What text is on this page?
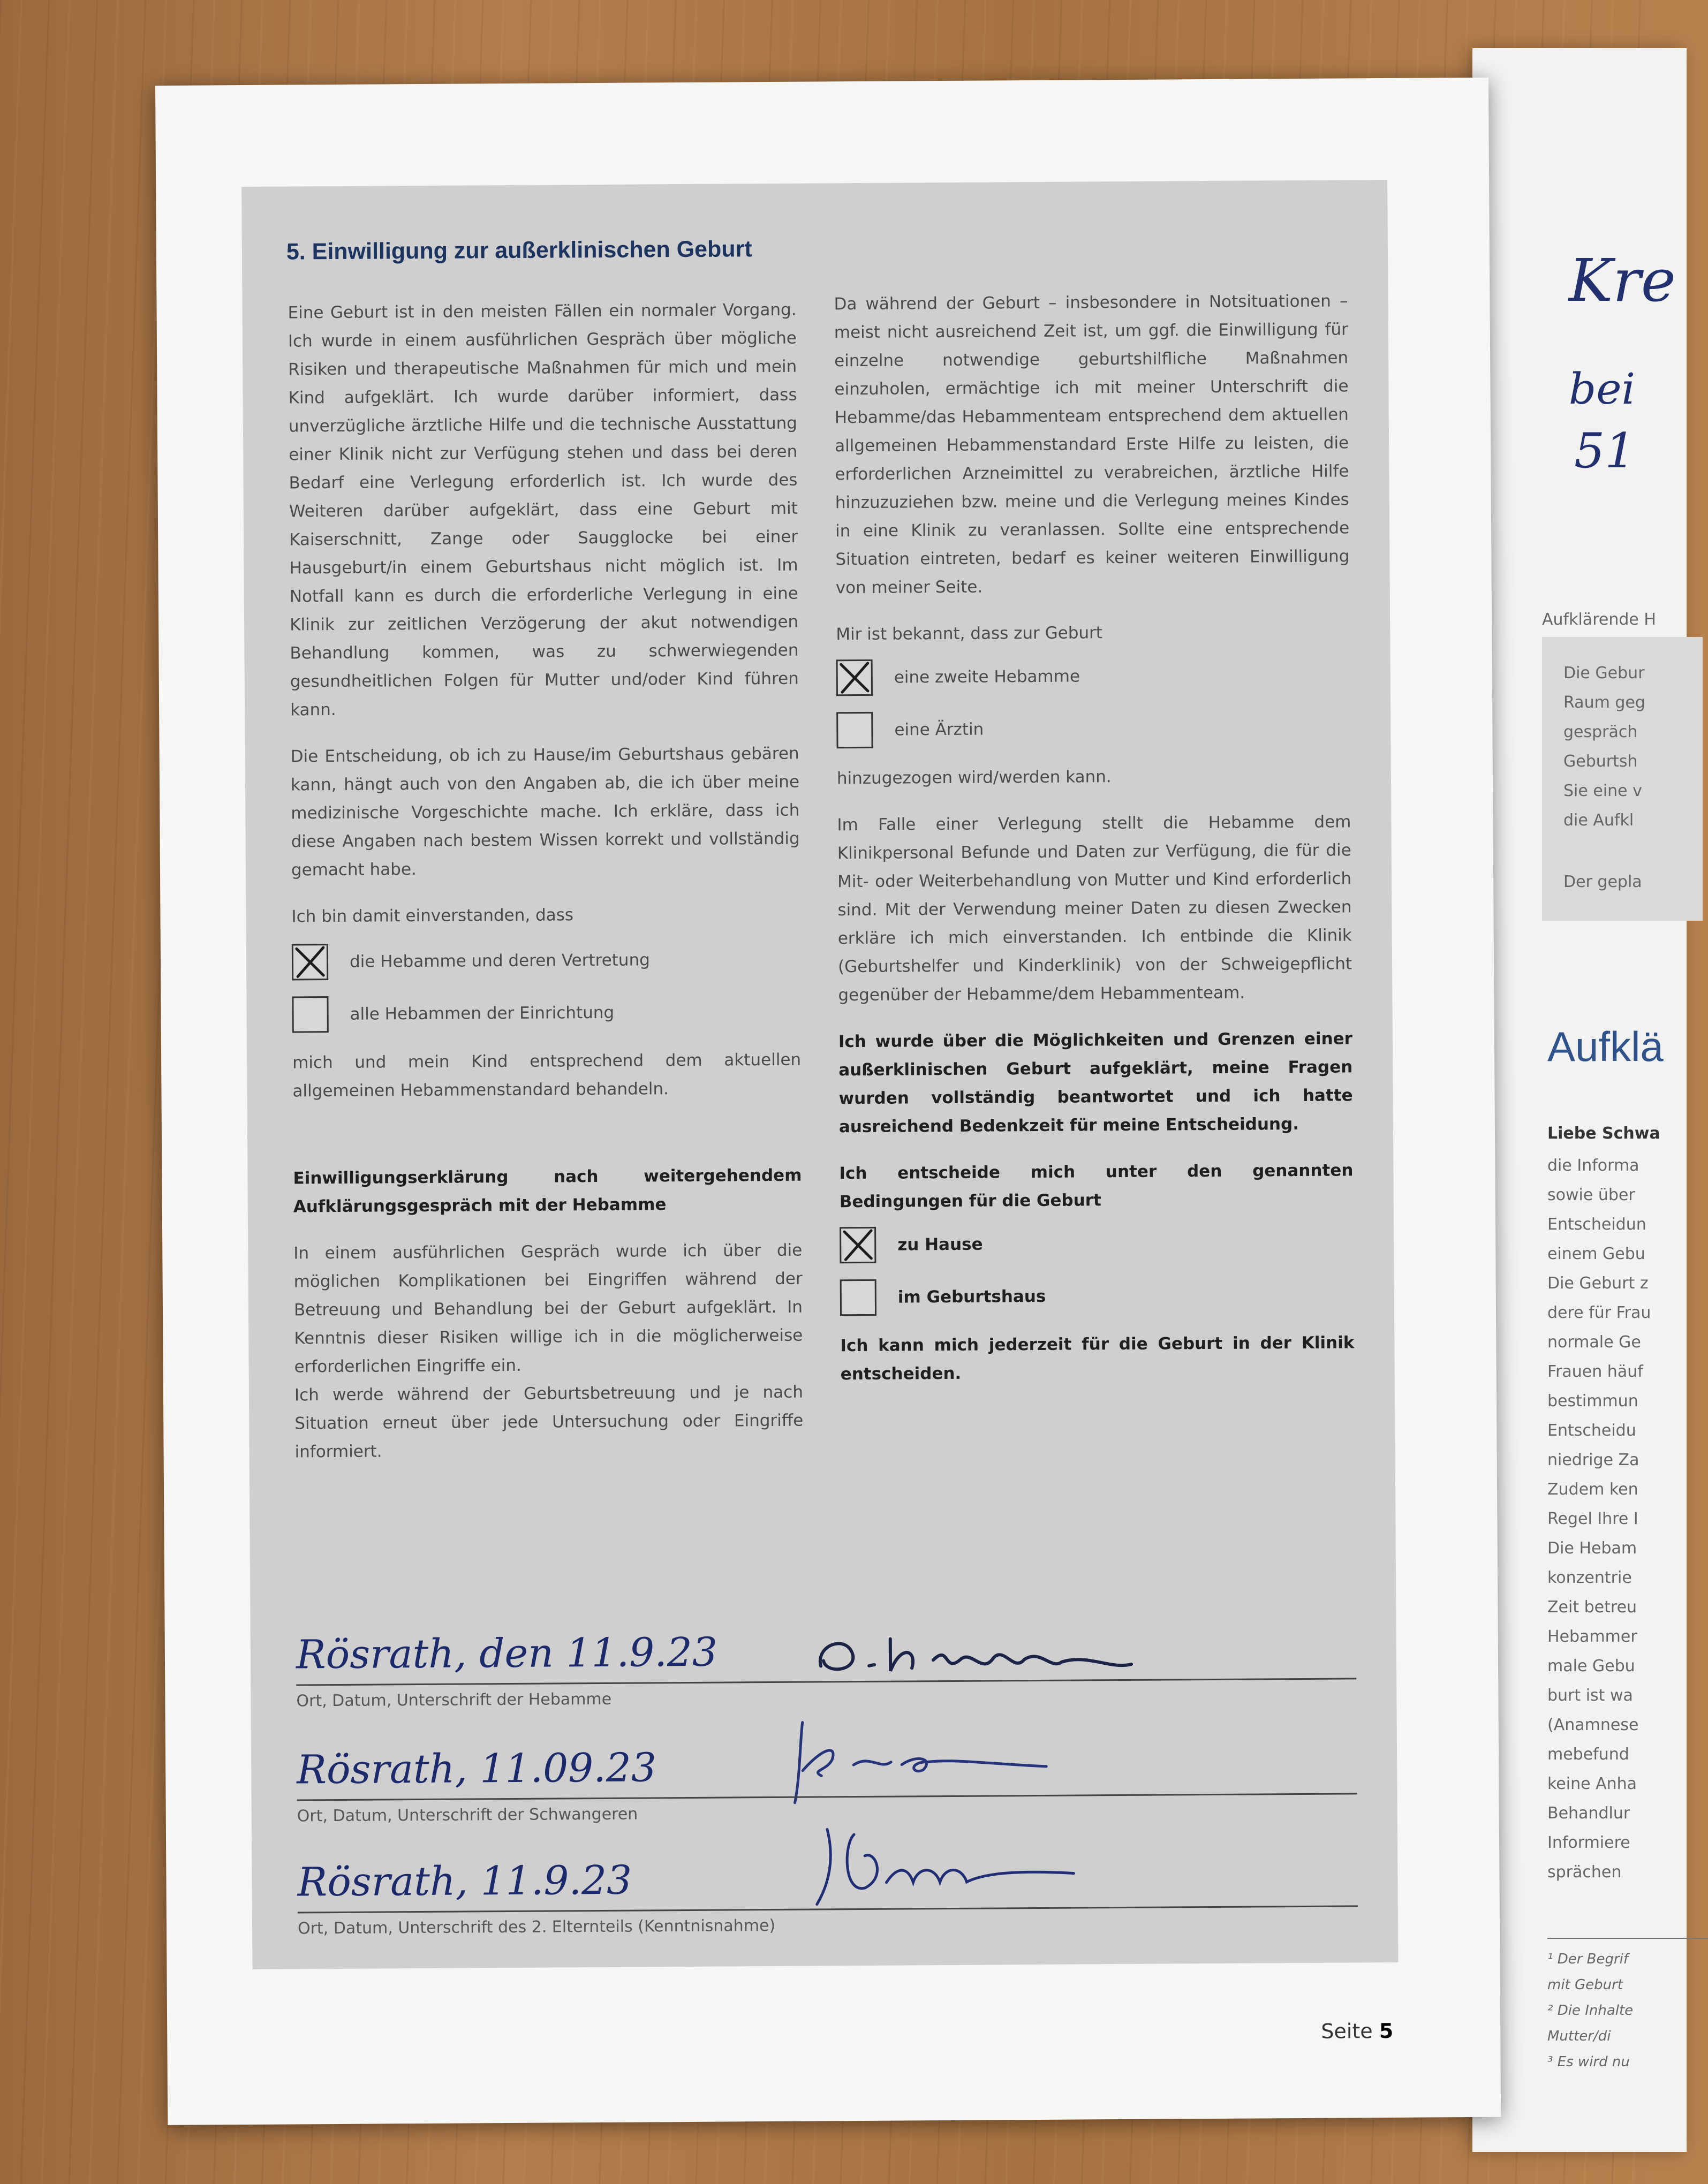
Kre
bei
51
Aufklärende H
Die Gebur
Raum geg
gespräch
Geburtsh
Sie eine v
die Aufkl
Der gepla
Aufklä
Liebe Schwa
die Informa
sowie über
Entscheidun
einem Gebu
Die Geburt z
dere für Frau
normale Ge
Frauen häuf
bestimmun
Entscheidu
niedrige Za
Zudem ken
Regel Ihre I
Die Hebam
konzentrie
Zeit betreu
Hebammer
male Gebu
burt ist wa
(Anamnese
mebefund
keine Anha
Behandlur
Informiere
sprächen
¹ Der Begrif
mit Geburt
² Die Inhalte
Mutter/di
³ Es wird nu
5. Einwilligung zur außerklinischen Geburt

Eine Geburt ist in den meisten Fällen ein normaler Vorgang. Ich wurde in einem ausführlichen Gespräch über mögliche Risiken und therapeutische Maßnahmen für mich und mein Kind aufgeklärt. Ich wurde darüber informiert, dass unverzügliche ärztliche Hilfe und die technische Ausstattung einer Klinik nicht zur Verfügung stehen und dass bei deren Bedarf eine Verlegung erforderlich ist. Ich wurde des Weiteren darüber aufgeklärt, dass eine Geburt mit Kaiserschnitt, Zange oder Saugglocke bei einer Hausgeburt/in einem Geburtshaus nicht möglich ist. Im Notfall kann es durch die erforderliche Verlegung in eine Klinik zur zeitlichen Verzögerung der akut notwendigen Behandlung kommen, was zu schwerwiegenden gesundheitlichen Folgen für Mutter und/oder Kind führen kann.

Die Entscheidung, ob ich zu Hause/im Geburtshaus gebären kann, hängt auch von den Angaben ab, die ich über meine medizinische Vorgeschichte mache. Ich erkläre, dass ich diese Angaben nach bestem Wissen korrekt und vollständig gemacht habe.

Ich bin damit einverstanden, dass

die Hebamme und deren Vertretung
alle Hebammen der Einrichtung

mich und mein Kind entsprechend dem aktuellen allgemeinen Hebammenstandard behandeln.

Einwilligungserklärung nach weitergehendem Aufklärungsgespräch mit der Hebamme

In einem ausführlichen Gespräch wurde ich über die möglichen Komplikationen bei Eingriffen während der Betreuung und Behandlung bei der Geburt aufgeklärt. In Kenntnis dieser Risiken willige ich in die möglicherweise erforderlichen Eingriffe ein.

Ich werde während der Geburtsbetreuung und je nach Situation erneut über jede Untersuchung oder Eingriffe informiert.

Da während der Geburt – insbesondere in Notsituationen – meist nicht ausreichend Zeit ist, um ggf. die Einwilligung für einzelne notwendige geburtshilfliche Maßnahmen einzuholen, ermächtige ich mit meiner Unterschrift die Hebamme/das Hebammenteam entsprechend dem aktuellen allgemeinen Hebammenstandard Erste Hilfe zu leisten, die erforderlichen Arzneimittel zu verabreichen, ärztliche Hilfe hinzuzuziehen bzw. meine und die Verlegung meines Kindes in eine Klinik zu veranlassen. Sollte eine entsprechende Situation eintreten, bedarf es keiner weiteren Einwilligung von meiner Seite.

Mir ist bekannt, dass zur Geburt

eine zweite Hebamme
eine Ärztin

hinzugezogen wird/werden kann.

Im Falle einer Verlegung stellt die Hebamme dem Klinikpersonal Befunde und Daten zur Verfügung, die für die Mit- oder Weiterbehandlung von Mutter und Kind erforderlich sind. Mit der Verwendung meiner Daten zu diesen Zwecken erkläre ich mich einverstanden. Ich entbinde die Klinik (Geburtshelfer und Kinderklinik) von der Schweigepflicht gegenüber der Hebamme/dem Hebammenteam.

Ich wurde über die Möglichkeiten und Grenzen einer außerklinischen Geburt aufgeklärt, meine Fragen wurden vollständig beantwortet und ich hatte ausreichend Bedenkzeit für meine Entscheidung.

Ich entscheide mich unter den genannten Bedingungen für die Geburt

zu Hause
im Geburtshaus

Ich kann mich jederzeit für die Geburt in der Klinik entscheiden.

Rösrath, den 11.9.23
Ort, Datum, Unterschrift der Hebamme
Rösrath, 11.09.23
Ort, Datum, Unterschrift der Schwangeren
Rösrath, 11.9.23
Ort, Datum, Unterschrift des 2. Elternteils (Kenntnisnahme)
Seite 5
